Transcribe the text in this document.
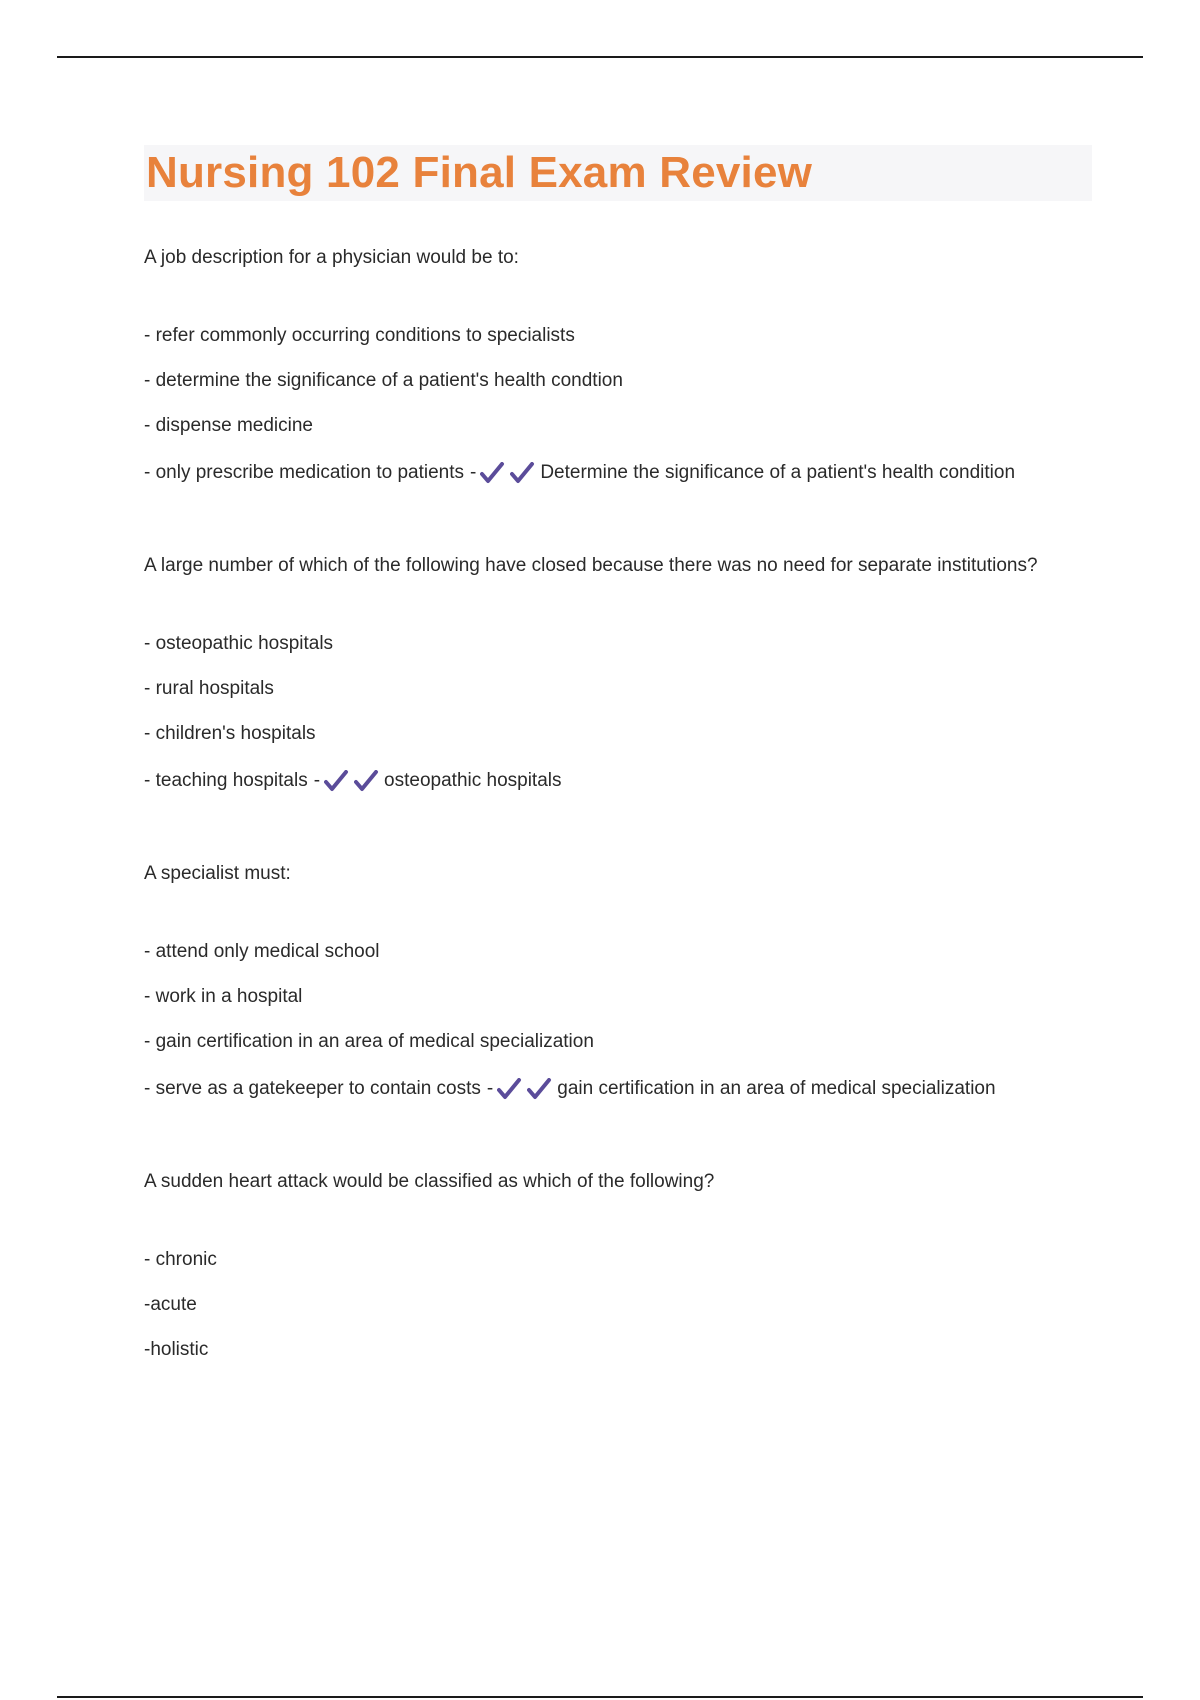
Nursing 102 Final Exam Review

A job description for a physician would be to:

- refer commonly occurring conditions to specialists

- determine the significance of a patient's health condtion

- dispense medicine

- only prescribe medication to patients -	Determine the significance of a patient's health condition

A large number of which of the following have closed because there was no need for separate institutions?

- osteopathic hospitals

- rural hospitals

- children's hospitals

- teaching hospitals -	osteopathic hospitals

A specialist must:

- attend only medical school

- work in a hospital

- gain certification in an area of medical specialization

- serve as a gatekeeper to contain costs -	gain certification in an area of medical specialization

A sudden heart attack would be classified as which of the following?

- chronic

-acute

-holistic
